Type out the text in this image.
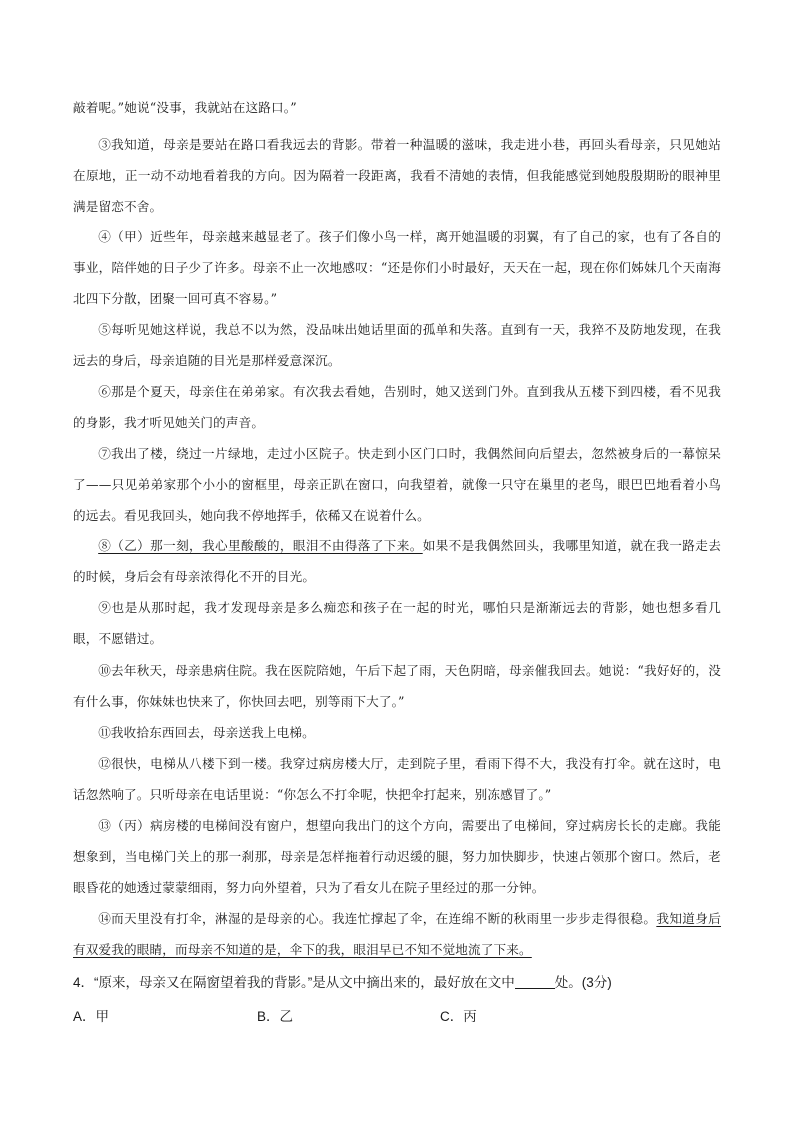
敲着呢。”她说“没事，我就站在这路口。”
③我知道，母亲是要站在路口看我远去的背影。带着一种温暖的滋味，我走进小巷，再回头看母亲，只见她站在原地，正一动不动地看着我的方向。因为隔着一段距离，我看不清她的表情，但我能感觉到她殷殷期盼的眼神里满是留恋不舍。
④（甲）近些年，母亲越来越显老了。孩子们像小鸟一样，离开她温暖的羽翼，有了自己的家，也有了各自的事业，陪伴她的日子少了许多。母亲不止一次地感叹：“还是你们小时最好，天天在一起，现在你们姊妹几个天南海北四下分散，团聚一回可真不容易。”
⑤每听见她这样说，我总不以为然，没品味出她话里面的孤单和失落。直到有一天，我猝不及防地发现，在我远去的身后，母亲追随的目光是那样爱意深沉。
⑥那是个夏天，母亲住在弟弟家。有次我去看她，告别时，她又送到门外。直到我从五楼下到四楼，看不见我的身影，我才听见她关门的声音。
⑦我出了楼，绕过一片绿地，走过小区院子。快走到小区门口时，我偶然间向后望去，忽然被身后的一幕惊呆了——只见弟弟家那个小小的窗框里，母亲正趴在窗口，向我望着，就像一只守在巢里的老鸟，眼巴巴地看着小鸟的远去。看见我回头，她向我不停地挥手，依稀又在说着什么。
⑧（乙）那一刻，我心里酸酸的，眼泪不由得落了下来。如果不是我偶然回头，我哪里知道，就在我一路走去的时候，身后会有母亲浓得化不开的目光。
⑨也是从那时起，我才发现母亲是多么痴恋和孩子在一起的时光，哪怕只是渐渐远去的背影，她也想多看几眼，不愿错过。
⑩去年秋天，母亲患病住院。我在医院陪她，午后下起了雨，天色阴暗，母亲催我回去。她说：“我好好的，没有什么事，你妹妹也快来了，你快回去吧，别等雨下大了。”
⑪我收拾东西回去，母亲送我上电梯。
⑫很快，电梯从八楼下到一楼。我穿过病房楼大厅，走到院子里，看雨下得不大，我没有打伞。就在这时，电话忽然响了。只听母亲在电话里说：“你怎么不打伞呢，快把伞打起来，别冻感冒了。”
⑬（丙）病房楼的电梯间没有窗户，想望向我出门的这个方向，需要出了电梯间，穿过病房长长的走廊。我能想象到，当电梯门关上的那一刹那，母亲是怎样拖着行动迟缓的腿，努力加快脚步，快速占领那个窗口。然后，老眼昏花的她透过蒙蒙细雨，努力向外望着，只为了看女儿在院子里经过的那一分钟。
⑭而天里没有打伞，淋湿的是母亲的心。我连忙撑起了伞，在连绵不断的秋雨里一步步走得很稳。我知道身后有双爱我的眼睛，而母亲不知道的是，伞下的我，眼泪早已不知不觉地流了下来。
4．“原来，母亲又在隔窗望着我的背影。”是从文中摘出来的，最好放在文中	处。(3分)
A．甲	B．乙	C．丙
